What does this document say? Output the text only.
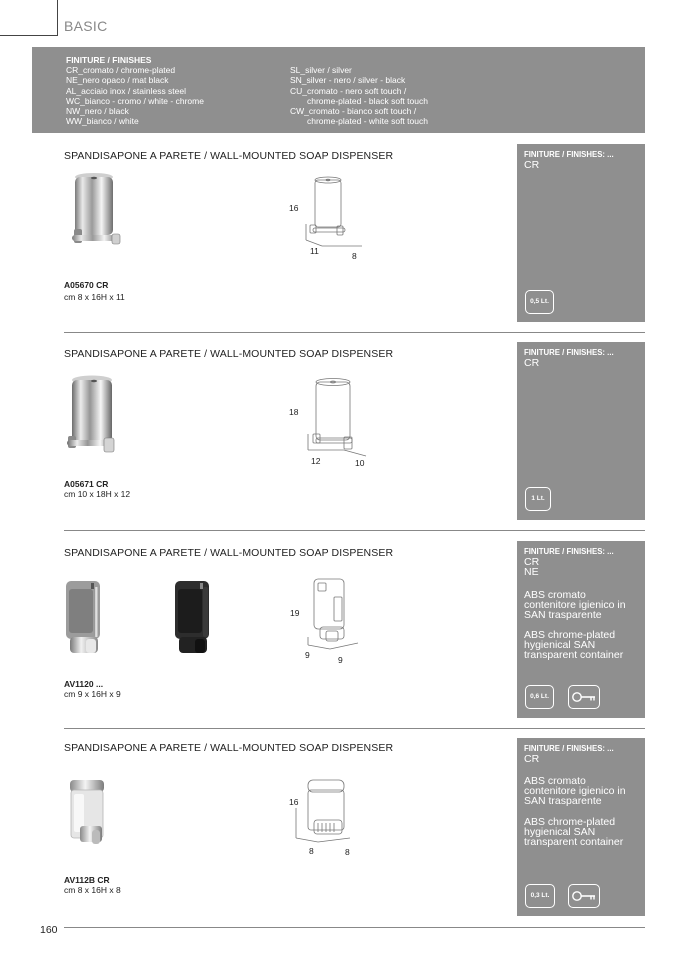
BASIC
FINITURE / FINISHES
CR_cromato / chrome-plated
NE_nero opaco / mat black
AL_acciaio inox / stainless steel
WC_bianco - cromo / white - chrome
NW_nero / black
WW_bianco / white
SL_silver / silver
SN_silver - nero / silver - black
CU_cromato - nero soft touch /
chrome-plated - black soft touch
CW_cromato - bianco soft touch /
chrome-plated - white soft touch
SPANDISAPONE A PARETE / WALL-MOUNTED SOAP DISPENSER
16
11	8
A05670 CR
cm 8 x 16H x 11
FINITURE / FINISHES: ...
CR
0,5 Lt.
SPANDISAPONE A PARETE / WALL-MOUNTED SOAP DISPENSER
18
12	10
A05671 CR
cm 10 x 18H x 12
FINITURE / FINISHES: ...
CR
1 Lt.
SPANDISAPONE A PARETE / WALL-MOUNTED SOAP DISPENSER
19
9	9
AV1120 ...
cm 9 x 16H x 9
FINITURE / FINISHES: ...
CR
NE
ABS cromato
contenitore igienico in
SAN trasparente
ABS chrome-plated
hygienical SAN
transparent container
0,6 Lt.
SPANDISAPONE A PARETE / WALL-MOUNTED SOAP DISPENSER
16
8	8
AV112B CR
cm 8 x 16H x 8
FINITURE / FINISHES: ...
CR
ABS cromato
contenitore igienico in
SAN trasparente
ABS chrome-plated
hygienical SAN
transparent container
0,3 Lt.
160
